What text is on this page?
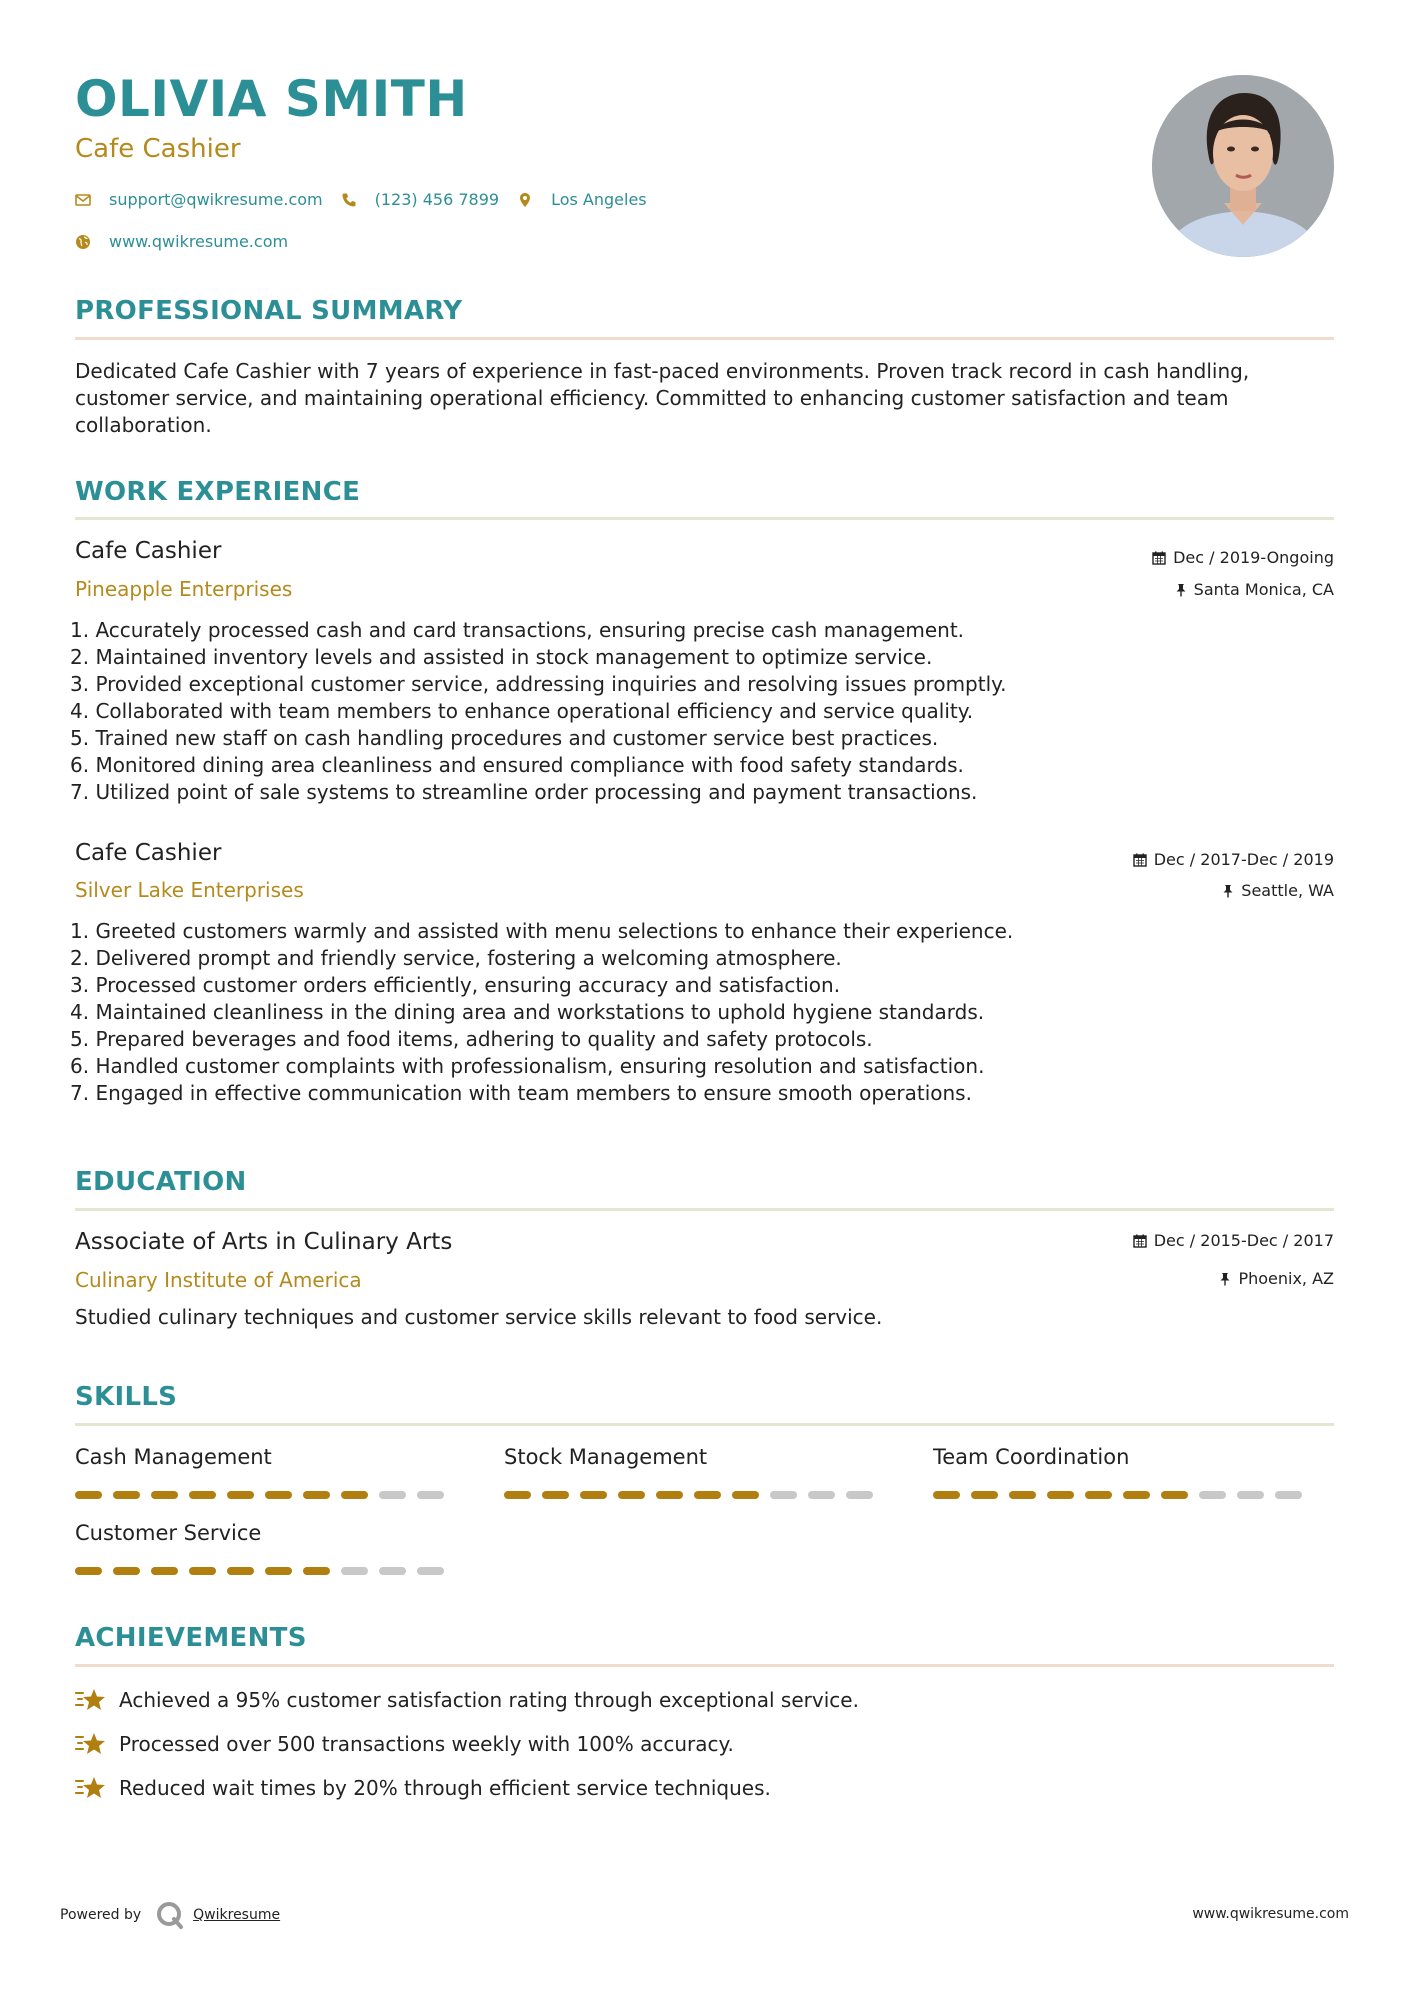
OLIVIA SMITH
Cafe Cashier
support@qwikresume.com	(123) 456 7899	Los Angeles
www.qwikresume.com
PROFESSIONAL SUMMARY
Dedicated Cafe Cashier with 7 years of experience in fast-paced environments. Proven track record in cash handling, customer service, and maintaining operational efficiency. Committed to enhancing customer satisfaction and team collaboration.
WORK EXPERIENCE
Cafe Cashier
Pineapple Enterprises
Dec / 2019-Ongoing
Santa Monica, CA
1. Accurately processed cash and card transactions, ensuring precise cash management.
2. Maintained inventory levels and assisted in stock management to optimize service.
3. Provided exceptional customer service, addressing inquiries and resolving issues promptly.
4. Collaborated with team members to enhance operational efficiency and service quality.
5. Trained new staff on cash handling procedures and customer service best practices.
6. Monitored dining area cleanliness and ensured compliance with food safety standards.
7. Utilized point of sale systems to streamline order processing and payment transactions.
Cafe Cashier
Silver Lake Enterprises
Dec / 2017-Dec / 2019
Seattle, WA
1. Greeted customers warmly and assisted with menu selections to enhance their experience.
2. Delivered prompt and friendly service, fostering a welcoming atmosphere.
3. Processed customer orders efficiently, ensuring accuracy and satisfaction.
4. Maintained cleanliness in the dining area and workstations to uphold hygiene standards.
5. Prepared beverages and food items, adhering to quality and safety protocols.
6. Handled customer complaints with professionalism, ensuring resolution and satisfaction.
7. Engaged in effective communication with team members to ensure smooth operations.
EDUCATION
Associate of Arts in Culinary Arts
Culinary Institute of America
Dec / 2015-Dec / 2017
Phoenix, AZ
Studied culinary techniques and customer service skills relevant to food service.
SKILLS
Cash Management	Stock Management	Team Coordination
Customer Service
ACHIEVEMENTS
Achieved a 95% customer satisfaction rating through exceptional service.
Processed over 500 transactions weekly with 100% accuracy.
Reduced wait times by 20% through efficient service techniques.
Powered by	Qwikresume	www.qwikresume.com
